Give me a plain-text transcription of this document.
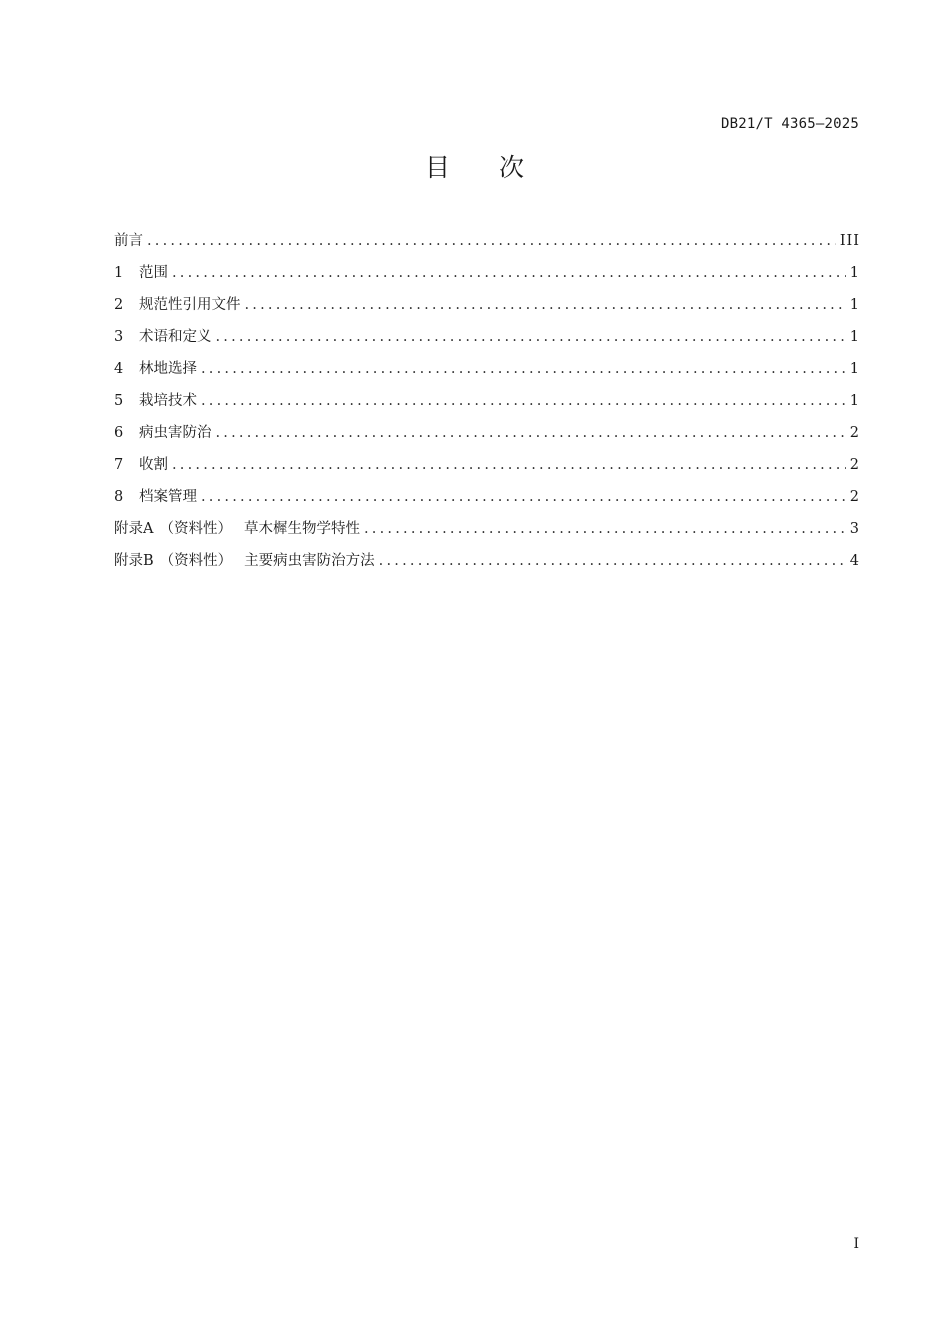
DB21/T 4365—2025
目 次
前言 .....	III
1	范围 .....	1
2	规范性引用文件 .....	1
3	术语和定义 .....	1
4	林地选择 .....	1
5	栽培技术 .....	1
6	病虫害防治 .....	2
7	收割 .....	2
8	档案管理 .....	2
附录A （资料性） 草木樨生物学特性 .....	3
附录B （资料性） 主要病虫害防治方法 .....	4
I
